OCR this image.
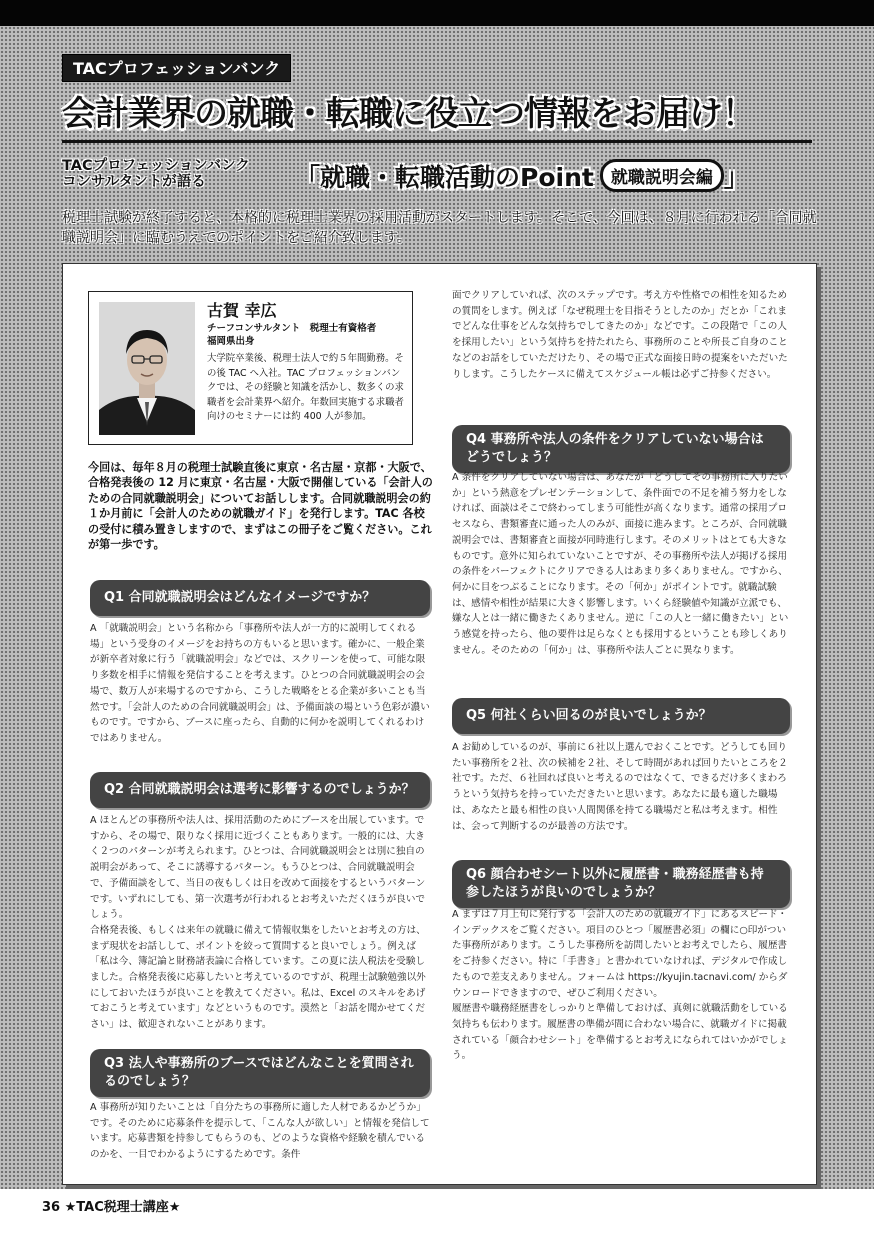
TACプロフェッションバンク
会計業界の就職・転職に役立つ情報をお届け！
TACプロフェッションバンク
コンサルタントが語る	「就職・転職活動のPoint 就職説明会編 」
税理士試験が終了すると、本格的に税理士業界の採用活動がスタートします。そこで、今回は、８月に行われる「合同就職説明会」に臨むうえでのポイントをご紹介致します。
古賀 幸広
チーフコンサルタント　税理士有資格者
福岡県出身
大学院卒業後、税理士法人で約５年間勤務。その後 TAC へ入社。TAC プロフェッションバンクでは、その経験と知識を活かし、数多くの求職者を会計業界へ紹介。年数回実施する求職者向けのセミナーには約 400 人が参加。
今回は、毎年８月の税理士試験直後に東京・名古屋・京都・大阪で、合格発表後の 12 月に東京・名古屋・大阪で開催している「会計人のための合同就職説明会」についてお話しします。合同就職説明会の約１か月前に「会計人のための就職ガイド」を発行します。TAC 各校の受付に積み置きしますので、まずはこの冊子をご覧ください。これが第一歩です。
Q1 合同就職説明会はどんなイメージですか？

A 「就職説明会」という名称から「事務所や法人が一方的に説明してくれる場」という受身のイメージをお持ちの方もいると思います。確かに、一般企業が新卒者対象に行う「就職説明会」などでは、スクリーンを使って、可能な限り多数を相手に情報を発信することを考えます。ひとつの合同就職説明会の会場で、数万人が来場するのですから、こうした戦略をとる企業が多いことも当然です。「会計人のための合同就職説明会」は、予備面談の場という色彩が濃いものです。ですから、ブースに座ったら、自動的に何かを説明してくれるわけではありません。

Q2 合同就職説明会は選考に影響するのでしょうか？

A ほとんどの事務所や法人は、採用活動のためにブースを出展しています。ですから、その場で、限りなく採用に近づくこともあります。一般的には、大きく２つのパターンが考えられます。ひとつは、合同就職説明会とは別に独自の説明会があって、そこに誘導するパターン。もうひとつは、合同就職説明会で、予備面談をして、当日の夜もしくは日を改めて面接をするというパターンです。いずれにしても、第一次選考が行われるとお考えいただくほうが良いでしょう。

合格発表後、もしくは来年の就職に備えて情報収集をしたいとお考えの方は、まず現状をお話しして、ポイントを絞って質問すると良いでしょう。例えば「私は今、簿記論と財務諸表論に合格しています。この夏に法人税法を受験しました。合格発表後に応募したいと考えているのですが、税理士試験勉強以外にしておいたほうが良いことを教えてください。私は、Excel のスキルをあげておこうと考えています」などというものです。漠然と「お話を聞かせてください」は、歓迎されないことがあります。

Q3 法人や事務所のブースではどんなことを質問されるのでしょう？

A 事務所が知りたいことは「自分たちの事務所に適した人材であるかどうか」です。そのために応募条件を提示して、「こんな人が欲しい」と情報を発信しています。応募書類を持参してもらうのも、どのような資格や経験を積んでいるのかを、一目でわかるようにするためです。条件

面でクリアしていれば、次のステップです。考え方や性格での相性を知るための質問をします。例えば「なぜ税理士を目指そうとしたのか」だとか「これまでどんな仕事をどんな気持ちでしてきたのか」などです。この段階で「この人を採用したい」という気持ちを持たれたら、事務所のことや所長ご自身のことなどのお話をしていただけたり、その場で正式な面接日時の提案をいただいたりします。こうしたケースに備えてスケジュール帳は必ずご持参ください。

Q4 事務所や法人の条件をクリアしていない場合はどうでしょう？

A 条件をクリアしていない場合は、あなたが「どうしてその事務所に入りたいか」という熱意をプレゼンテーションして、条件面での不足を補う努力をしなければ、面談はそこで終わってしまう可能性が高くなります。通常の採用プロセスなら、書類審査に通った人のみが、面接に進みます。ところが、合同就職説明会では、書類審査と面接が同時進行します。そのメリットはとても大きなものです。意外に知られていないことですが、その事務所や法人が掲げる採用の条件をパーフェクトにクリアできる人はあまり多くありません。ですから、何かに目をつぶることになります。その「何か」がポイントです。就職試験は、感情や相性が結果に大きく影響します。いくら経験値や知識が立派でも、嫌な人とは一緒に働きたくありません。逆に「この人と一緒に働きたい」という感覚を持ったら、他の要件は足らなくとも採用するということも珍しくありません。そのための「何か」は、事務所や法人ごとに異なります。

Q5 何社くらい回るのが良いでしょうか？

A お勧めしているのが、事前に６社以上選んでおくことです。どうしても回りたい事務所を２社、次の候補を２社、そして時間があれば回りたいところを２社です。ただ、６社回れば良いと考えるのではなくて、できるだけ多くまわろうという気持ちを持っていただきたいと思います。あなたに最も適した職場は、あなたと最も相性の良い人間関係を持てる職場だと私は考えます。相性は、会って判断するのが最善の方法です。

Q6 顔合わせシート以外に履歴書・職務経歴書も持参したほうが良いのでしょうか？

A まずは７月上旬に発行する「会計人のための就職ガイド」にあるスピード・インデックスをご覧ください。項目のひとつ「履歴書必須」の欄に○印がついた事務所があります。こうした事務所を訪問したいとお考えでしたら、履歴書をご持参ください。特に「手書き」と書かれていなければ、デジタルで作成したもので差支えありません。フォームは https://kyujin.tacnavi.com/ からダウンロードできますので、ぜひご利用ください。

履歴書や職務経歴書をしっかりと準備しておけば、真剣に就職活動をしている気持ちも伝わります。履歴書の準備が間に合わない場合に、就職ガイドに掲載されている「顔合わせシート」を準備するとお考えになられてはいかがでしょう。

36 ★TAC税理士講座★
